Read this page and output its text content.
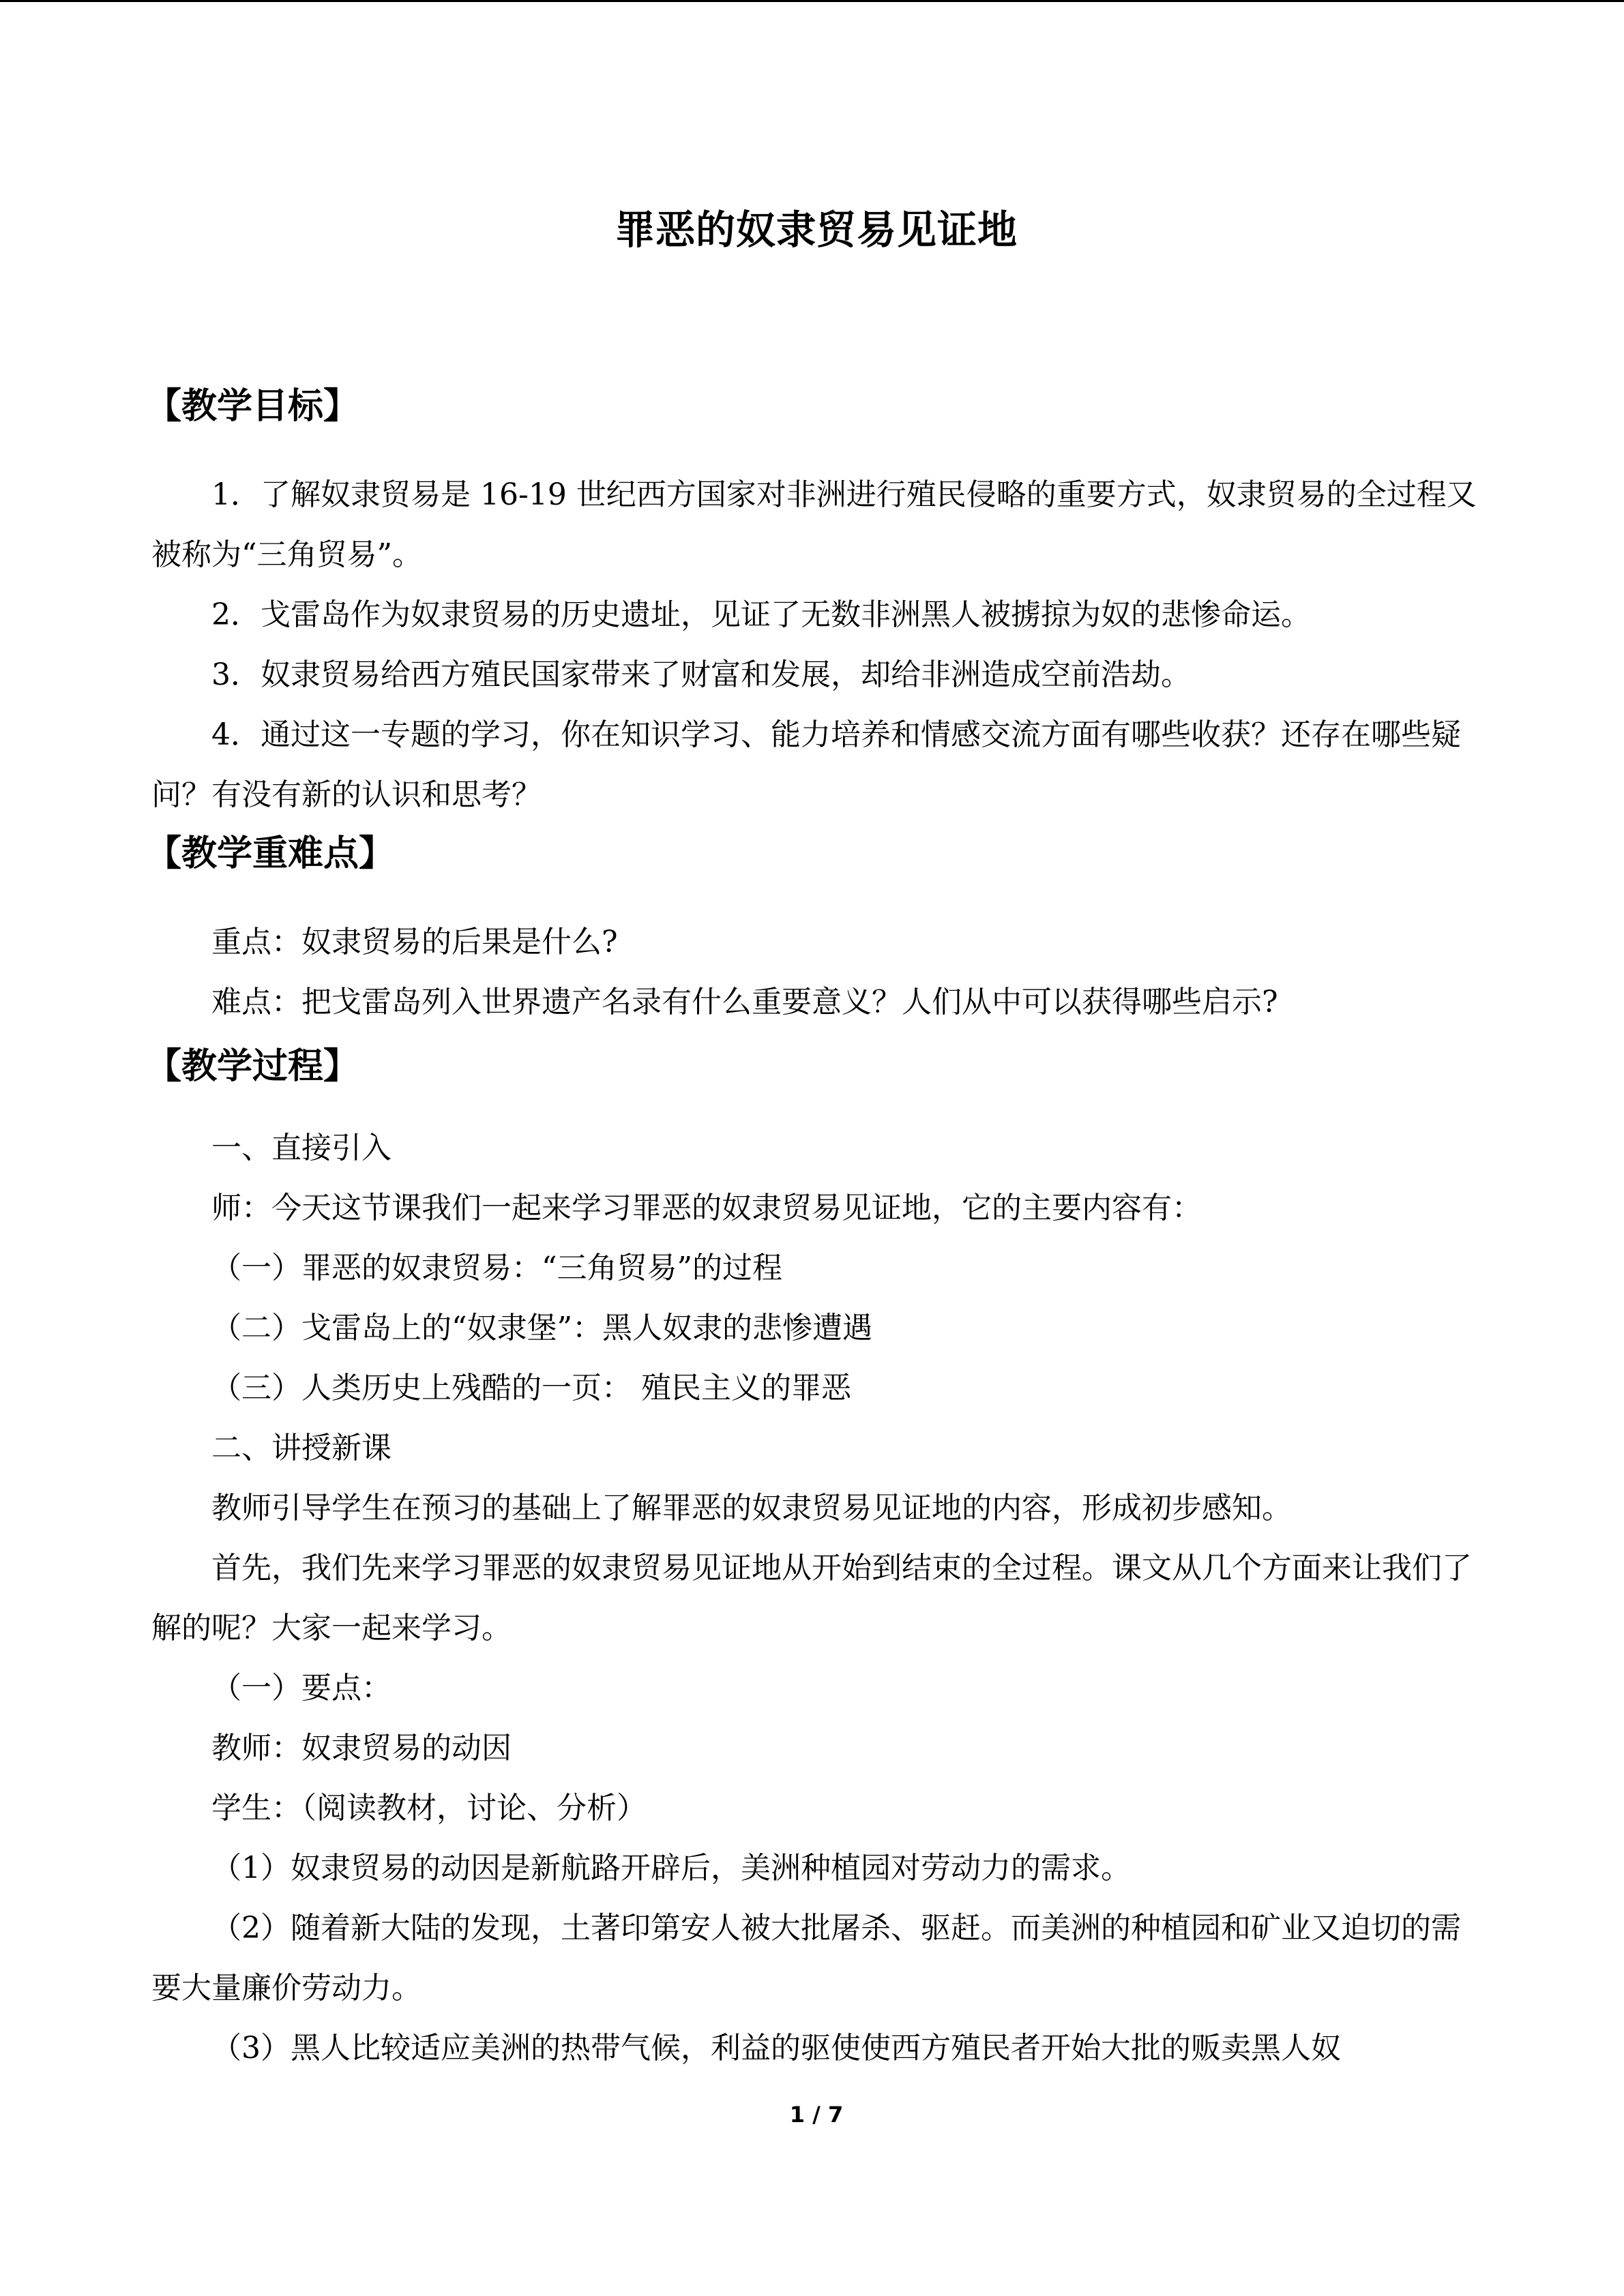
罪恶的奴隶贸易见证地
【教学目标】

1．了解奴隶贸易是 16-19 世纪西方国家对非洲进行殖民侵略的重要方式，奴隶贸易的全过程又被称为“三角贸易”。

2．戈雷岛作为奴隶贸易的历史遗址，见证了无数非洲黑人被掳掠为奴的悲惨命运。

3．奴隶贸易给西方殖民国家带来了财富和发展，却给非洲造成空前浩劫。

4．通过这一专题的学习，你在知识学习、能力培养和情感交流方面有哪些收获？还存在哪些疑问？有没有新的认识和思考？

【教学重难点】
重点：奴隶贸易的后果是什么?
难点：把戈雷岛列入世界遗产名录有什么重要意义？人们从中可以获得哪些启示?
【教学过程】
一、直接引入
师：今天这节课我们一起来学习罪恶的奴隶贸易见证地，它的主要内容有：
（一）罪恶的奴隶贸易：“三角贸易”的过程
（二）戈雷岛上的“奴隶堡”：黑人奴隶的悲惨遭遇
（三）人类历史上残酷的一页： 殖民主义的罪恶
二、讲授新课
教师引导学生在预习的基础上了解罪恶的奴隶贸易见证地的内容，形成初步感知。

首先，我们先来学习罪恶的奴隶贸易见证地从开始到结束的全过程。课文从几个方面来让我们了解的呢？大家一起来学习。

（一）要点：
教师：奴隶贸易的动因
学生：（阅读教材，讨论、分析）
（1）奴隶贸易的动因是新航路开辟后，美洲种植园对劳动力的需求。

（2）随着新大陆的发现，土著印第安人被大批屠杀、驱赶。而美洲的种植园和矿业又迫切的需要大量廉价劳动力。

（3）黑人比较适应美洲的热带气候，利益的驱使使西方殖民者开始大批的贩卖黑人奴
1 / 7
